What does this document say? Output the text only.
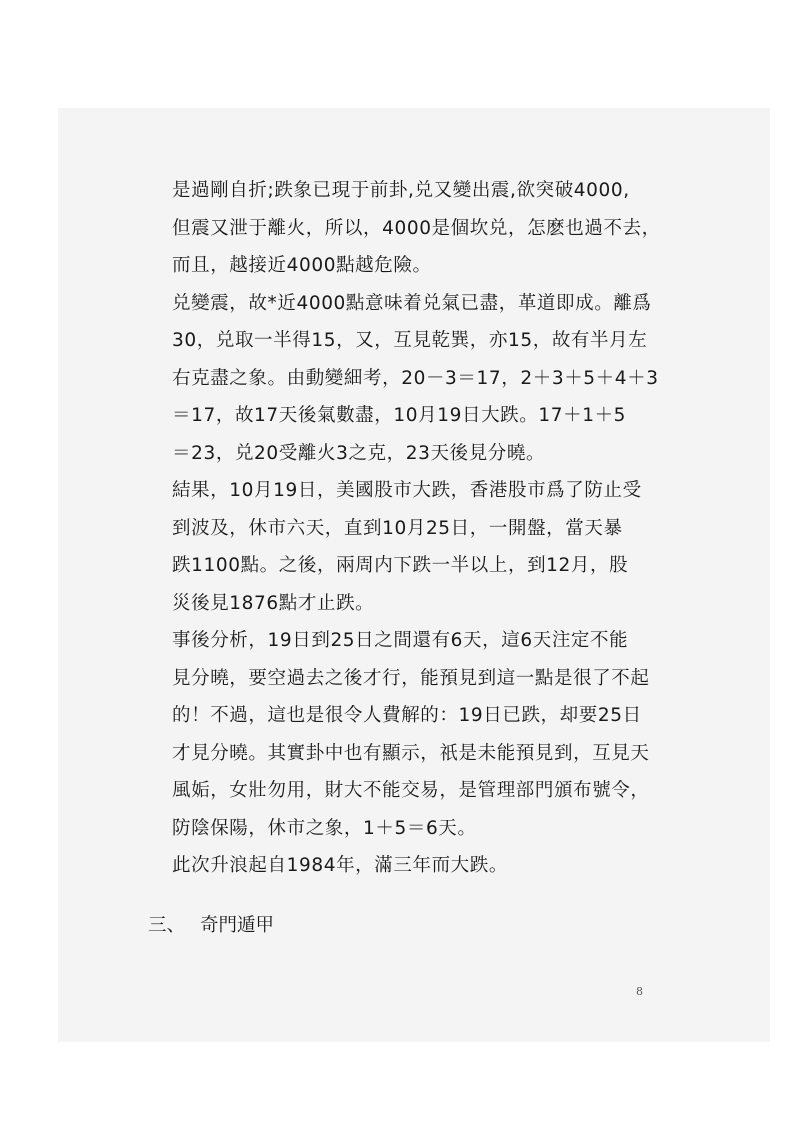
是過剛自折;跌象已現于前卦,兑又變出震,欲突破4000,
但震又泄于離火，所以，4000是個坎兑，怎麽也過不去，
而且，越接近4000點越危險。
兑變震，故*近4000點意味着兑氣已盡，革道即成。離爲
30，兑取一半得15，又，互見乾巽，亦15，故有半月左
右克盡之象。由動變細考，20－3＝17，2＋3＋5＋4＋3
＝17，故17天後氣數盡，10月19日大跌。17＋1＋5
＝23，兑20受離火3之克，23天後見分曉。
結果，10月19日，美國股市大跌，香港股市爲了防止受
到波及，休市六天，直到10月25日，一開盤，當天暴
跌1100點。之後，兩周内下跌一半以上，到12月，股
災後見1876點才止跌。
事後分析，19日到25日之間還有6天，這6天注定不能
見分曉，要空過去之後才行，能預見到這一點是很了不起
的！不過，這也是很令人費解的：19日已跌，却要25日
才見分曉。其實卦中也有顯示，祇是未能預見到，互見天
風姤，女壯勿用，財大不能交易，是管理部門頒布號令，
防陰保陽，休市之象，1＋5＝6天。
此次升浪起自1984年，滿三年而大跌。
三、 奇門遁甲
8
